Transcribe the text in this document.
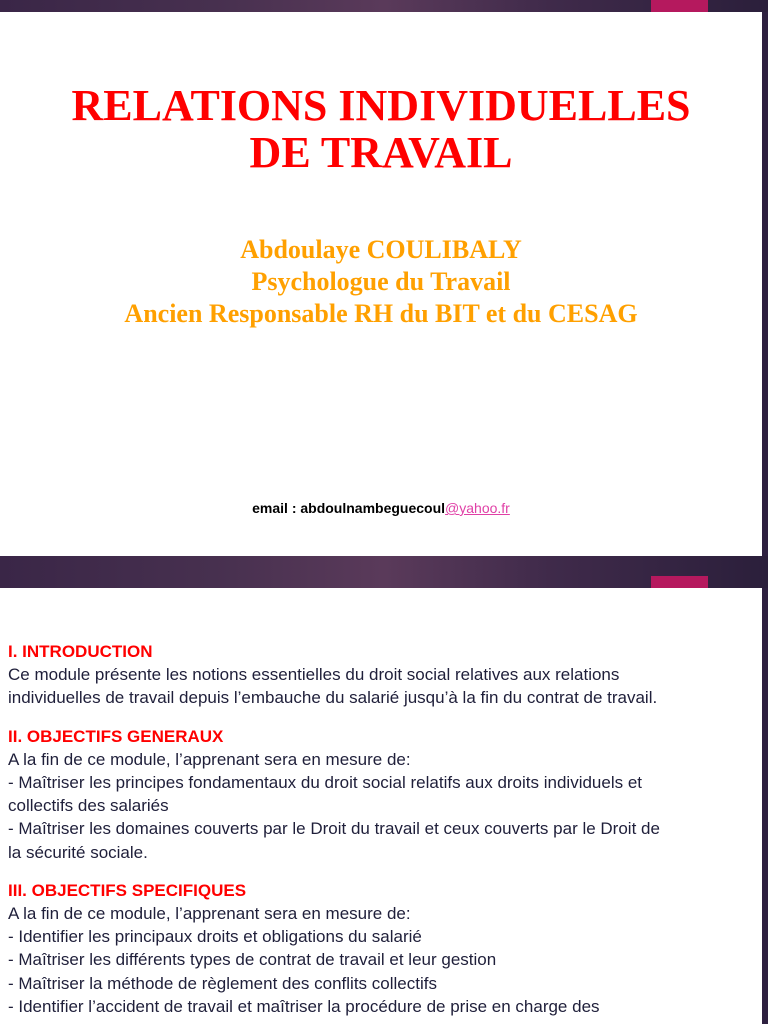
RELATIONS INDIVIDUELLES
DE TRAVAIL
Abdoulaye COULIBALY
Psychologue du Travail
Ancien Responsable RH du BIT et du CESAG
email : abdoulnambeguecoul@yahoo.fr
I. INTRODUCTION
Ce module présente les notions essentielles du droit social relatives aux relations
individuelles de travail depuis l’embauche du salarié jusqu’à la fin du contrat de travail.
II. OBJECTIFS GENERAUX
A la fin de ce module, l’apprenant sera en mesure de:
- Maîtriser les principes fondamentaux du droit social relatifs aux droits individuels et
collectifs des salariés
- Maîtriser les domaines couverts par le Droit du travail et ceux couverts par le Droit de
la sécurité sociale.
III. OBJECTIFS SPECIFIQUES
A la fin de ce module, l’apprenant sera en mesure de:
- Identifier les principaux droits et obligations du salarié
- Maîtriser les différents types de contrat de travail et leur gestion
- Maîtriser la méthode de règlement des conflits collectifs
- Identifier l’accident de travail et maîtriser la procédure de prise en charge des
